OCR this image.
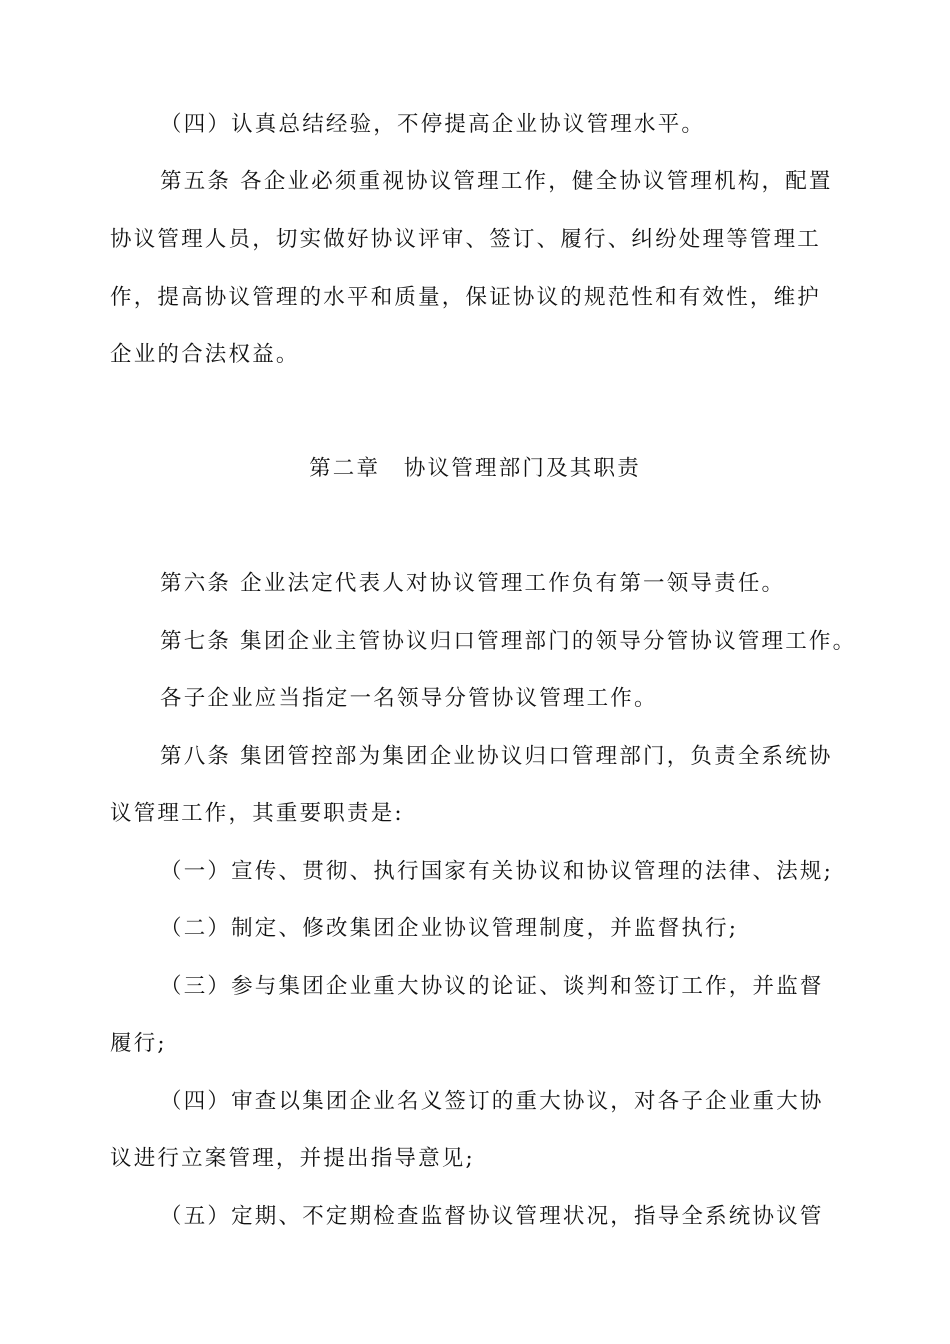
（四）认真总结经验，不停提高企业协议管理水平。
第五条 各企业必须重视协议管理工作，健全协议管理机构，配置
协议管理人员，切实做好协议评审、签订、履行、纠纷处理等管理工
作，提高协议管理的水平和质量，保证协议的规范性和有效性，维护
企业的合法权益。
第二章　协议管理部门及其职责
第六条 企业法定代表人对协议管理工作负有第一领导责任。
第七条 集团企业主管协议归口管理部门的领导分管协议管理工作。
各子企业应当指定一名领导分管协议管理工作。
第八条 集团管控部为集团企业协议归口管理部门，负责全系统协
议管理工作，其重要职责是:
（一）宣传、贯彻、执行国家有关协议和协议管理的法律、法规;
（二）制定、修改集团企业协议管理制度，并监督执行;
（三）参与集团企业重大协议的论证、谈判和签订工作，并监督
履行;
（四）审查以集团企业名义签订的重大协议，对各子企业重大协
议进行立案管理，并提出指导意见;
（五）定期、不定期检查监督协议管理状况，指导全系统协议管
